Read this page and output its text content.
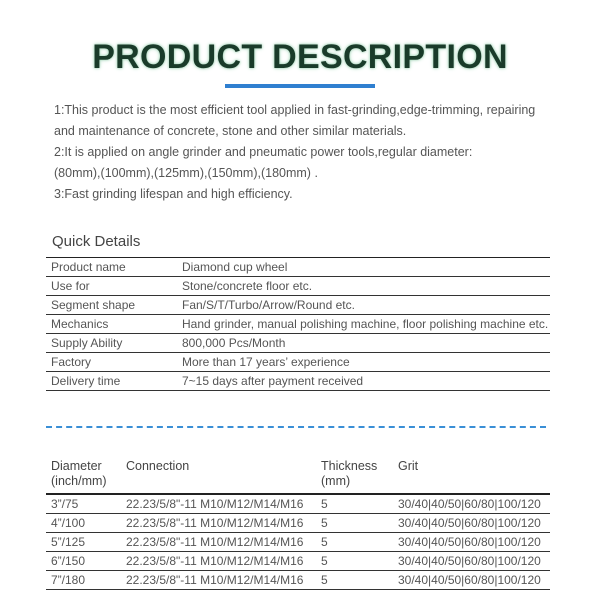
PRODUCT DESCRIPTION

1:This product is the most efficient tool applied in fast-grinding,edge-trimming, repairing

and maintenance of concrete, stone and other similar materials.

2:It is applied on angle grinder and pneumatic power tools,regular diameter:

(80mm),(100mm),(125mm),(150mm),(180mm) .

3:Fast grinding lifespan and high efficiency.

Quick Details
Product name	Diamond cup wheel
Use for	Stone/concrete floor etc.
Segment shape	Fan/S/T/Turbo/Arrow/Round etc.
Mechanics	Hand grinder, manual polishing machine, floor polishing machine etc.
Supply Ability	800,000 Pcs/Month
Factory	More than 17 years’ experience
Delivery time	7~15 days after payment received
Diameter (inch/mm)	Connection	Thickness (mm)	Grit
3”/75	22.23/5/8"-11 M10/M12/M14/M16	5	30/40|40/50|60/80|100/120
4”/100	22.23/5/8"-11 M10/M12/M14/M16	5	30/40|40/50|60/80|100/120
5”/125	22.23/5/8"-11 M10/M12/M14/M16	5	30/40|40/50|60/80|100/120
6”/150	22.23/5/8"-11 M10/M12/M14/M16	5	30/40|40/50|60/80|100/120
7”/180	22.23/5/8"-11 M10/M12/M14/M16	5	30/40|40/50|60/80|100/120
